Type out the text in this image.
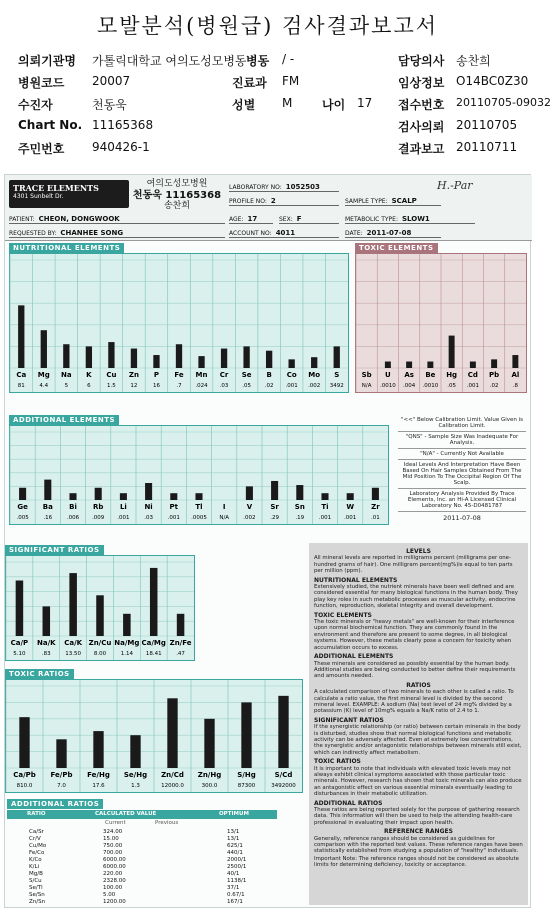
모발분석(병원급) 검사결과보고서
의뢰기관명 가톨릭대학교 여의도성모병동 병동 / -	담당의사 송찬희
병원코드 20007	진료과 FM	임상정보 O14BC0Z30
수진자	천동욱	성별 M 나이 17 접수번호 20110705-09032
Chart No. 11165368	검사의뢰 20110705
주민번호 940426-1	결과보고 20110711
TRACE ELEMENTS
4301 Sunbelt Dr.
여의도성모병원
천동욱 11165368
송찬희
LABORATORY NO: 1052503
PROFILE NO: 2	SAMPLE TYPE: SCALP
PATIENT: CHEON, DONGWOOK	AGE: 17	SEX: F	METABOLIC TYPE: SLOW1
REQUESTED BY: CHANHEE SONG	ACCOUNT NO: 4011	DATE: 2011-07-08
H.-Par
NUTRITIONAL ELEMENTS
Ca
81
Mg
4.4
Na
5
K
6
Cu
1.5
Zn
12
P
16
Fe
.7
Mn
.024
Cr
.03
Se
.05
B
.02
Co
.001
Mo
.002
S
3492
TOXIC ELEMENTS
Sb
N/A
U
.0010
As
.004
Be
.0010
Hg
.05
Cd
.001
Pb
.02
Al
.8
ADDITIONAL ELEMENTS
Ge
.005
Ba
.16
Bi
.006
Rb
.009
Li
.001
Ni
.03
Pt
.001
Tl
.0005
I
N/A
V
.002
Sr
.29
Sn
.19
Ti
.001
W
.001
Zr
.01
"<<" Below Calibration Limit. Value Given is Calibration Limit.
"QNS" - Sample Size Was Inadequate For Analysis.
"N/A" - Currently Not Available
Ideal Levels And Interpretation Have Been Based On Hair Samples Obtained From The Mid Position To The Occipital Region Of The Scalp.
Laboratory Analysis Provided By Trace Elements, Inc. an Hi-A Licensed Clinical Laboratory No. 45-D0481787
2011-07-08
SIGNIFICANT RATIOS
Ca/P
5.10
Na/K
.83
Ca/K
13.50
Zn/Cu
8.00
Na/Mg
1.14
Ca/Mg
18.41
Zn/Fe
.47
TOXIC RATIOS
Ca/Pb
810.0
Fe/Pb
7.0
Fe/Hg
17.6
Se/Hg
1.3
Zn/Cd
12000.0
Zn/Hg
300.0
S/Hg
87300
S/Cd
3492000
ADDITIONAL RATIOS
RATIO	CALCULATED VALUE	OPTIMUM
Current	Previous
Ca/Sr	324.00	13/1
Cr/V	15.00	13/1
Cu/Mo	750.00	625/1
Fe/Co	700.00	440/1
K/Co	6000.00	2000/1
K/Li	6000.00	2500/1
Mg/B	220.00	40/1
S/Cu	2328.00	1138/1
Se/Tl	100.00	37/1
Se/Sn	5.00	0.67/1
Zn/Sn	1200.00	167/1
LEVELS

All mineral levels are reported in milligrams percent (milligrams per one-hundred grams of hair). One milligram percent(mg%)is equal to ten parts per million (ppm).

NUTRITIONAL ELEMENTS

Extensively studied, the nutrient minerals have been well defined and are considered essential for many biological functions in the human body. They play key roles in such metabolic processes as muscular activity, endocrine function, reproduction, skeletal integrity and overall development.

TOXIC ELEMENTS

The toxic minerals or "heavy metals" are well-known for their interference upon normal biochemical function. They are commonly found in the environment and therefore are present to some degree, in all biological systems. However, these metals clearly pose a concern for toxicity when accumulation occurs to excess.

ADDITIONAL ELEMENTS

These minerals are considered as possibly essential by the human body. Additional studies are being conducted to better define their requirements and amounts needed.

RATIOS

A calculated comparison of two minerals to each other is called a ratio. To calculate a ratio value, the first mineral level is divided by the second mineral level. EXAMPLE: A sodium (Na) test level of 24 mg% divided by a potassium (K) level of 10mg% equals a Na/K ratio of 2.4 to 1.

SIGNIFICANT RATIOS

If the synergistic relationship (or ratio) between certain minerals in the body is disturbed, studies show that normal biological functions and metabolic activity can be adversely affected. Even at extremely low concentrations, the synergistic and/or antagonistic relationships between minerals still exist, which can indirectly affect metabolism.

TOXIC RATIOS

It is important to note that individuals with elevated toxic levels may not always exhibit clinical symptoms associated with those particular toxic minerals. However, research has shown that toxic minerals can also produce an antagonistic effect on various essential minerals eventually leading to disturbances in their metabolic utilization.

ADDITIONAL RATIOS

These ratios are being reported solely for the purpose of gathering research data. This information will then be used to help the attending health-care professional in evaluating their impact upon health.

REFERENCE RANGES

Generally, reference ranges should be considered as guidelines for comparison with the reported test values. These reference ranges have been statistically established from studying a population of "healthy" individuals.

Important Note: The reference ranges should not be considered as absolute limits for determining deficiency, toxicity or acceptance.
